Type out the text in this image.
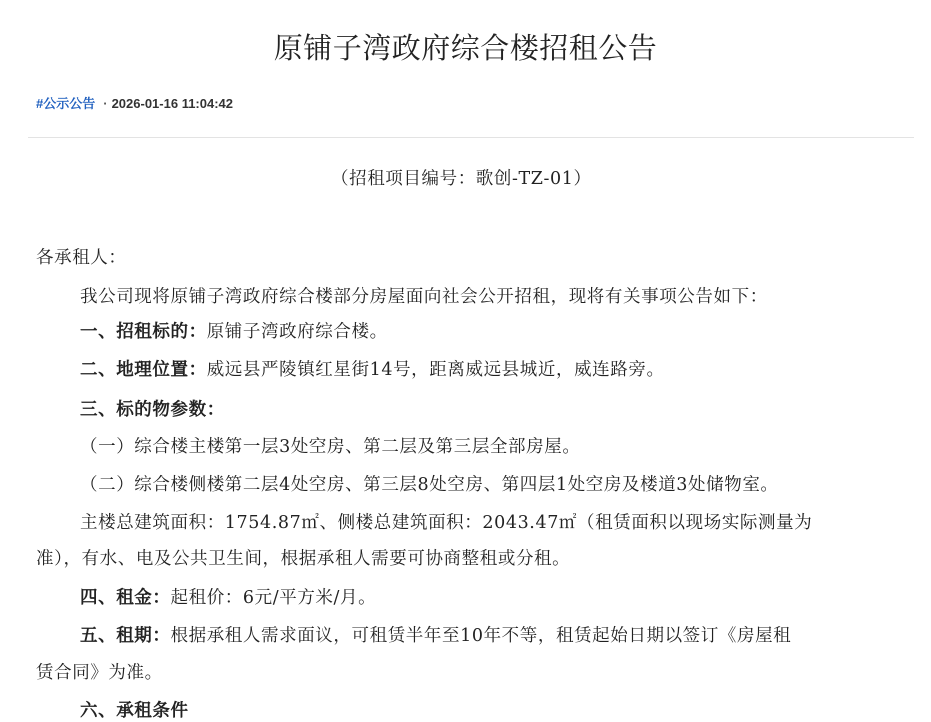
原铺子湾政府综合楼招租公告
#公示公告 · 2026-01-16 11:04:42
（招租项目编号：歌创-TZ-01）
各承租人：
我公司现将原铺子湾政府综合楼部分房屋面向社会公开招租，现将有关事项公告如下：
一、招租标的：原铺子湾政府综合楼。
二、地理位置：威远县严陵镇红星街14号，距离威远县城近，威连路旁。
三、标的物参数：
（一）综合楼主楼第一层3处空房、第二层及第三层全部房屋。
（二）综合楼侧楼第二层4处空房、第三层8处空房、第四层1处空房及楼道3处储物室。
主楼总建筑面积：1754.87㎡、侧楼总建筑面积：2043.47㎡（租赁面积以现场实际测量为
准），有水、电及公共卫生间，根据承租人需要可协商整租或分租。
四、租金：起租价：6元/平方米/月。
五、租期：根据承租人需求面议，可租赁半年至10年不等，租赁起始日期以签订《房屋租
赁合同》为准。
六、承租条件
